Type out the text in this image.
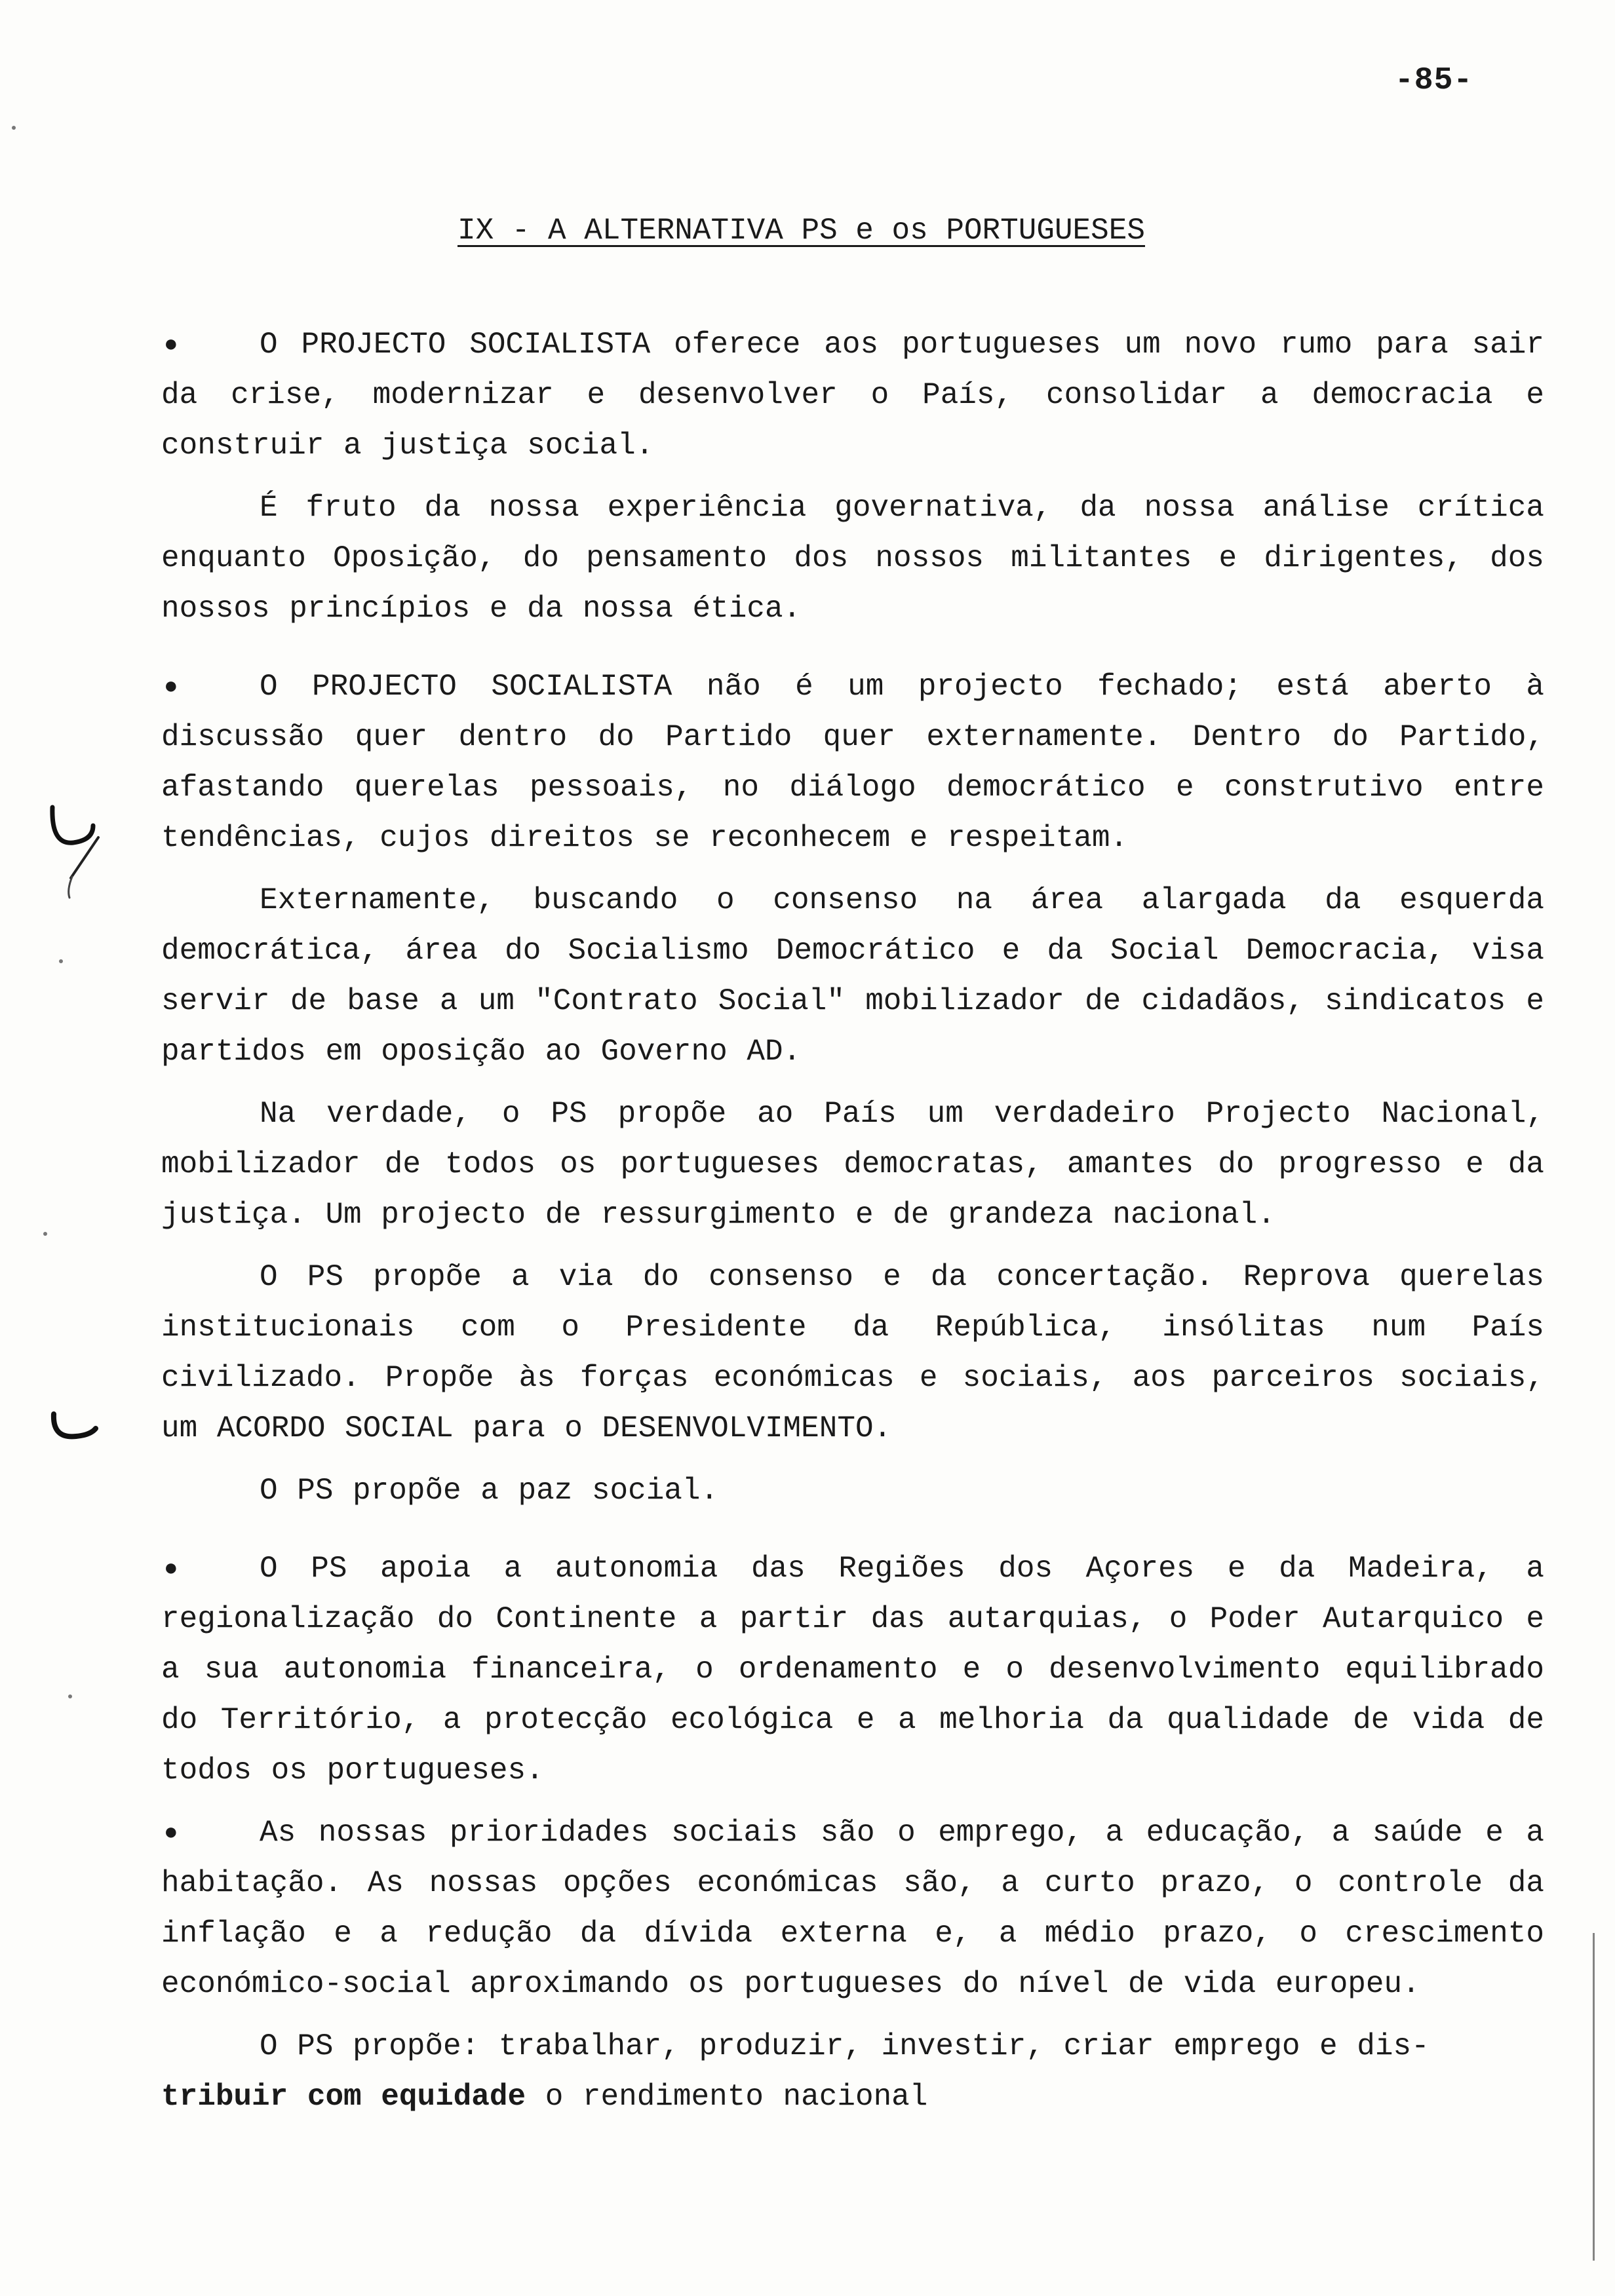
-85-
IX - A ALTERNATIVA PS e os PORTUGUESES

● O PROJECTO SOCIALISTA oferece aos portugueses um novo rumo para sair da crise, modernizar e desenvolver o País, consolidar a democracia e construir a justiça social.

É fruto da nossa experiência governativa, da nossa análise crítica enquanto Oposição, do pensamento dos nossos militantes e dirigentes, dos nossos princípios e da nossa ética.

● O PROJECTO SOCIALISTA não é um projecto fechado; está aberto à discussão quer dentro do Partido quer externamente. Dentro do Partido, afastando querelas pessoais, no diálogo democrático e construtivo entre tendências, cujos direitos se reconhecem e respeitam.

Externamente, buscando o consenso na área alargada da esquerda democrática, área do Socialismo Democrático e da Social Democracia, visa servir de base a um "Contrato Social" mobilizador de cidadãos, sindicatos e partidos em oposição ao Governo AD.

Na verdade, o PS propõe ao País um verdadeiro Projecto Nacional, mobilizador de todos os portugueses democratas, amantes do progresso e da justiça. Um projecto de ressurgimento e de grandeza nacional.

O PS propõe a via do consenso e da concertação. Reprova querelas institucionais com o Presidente da República, insólitas num País civilizado. Propõe às forças económicas e sociais, aos parceiros sociais, um ACORDO SOCIAL para o DESENVOLVIMENTO.

O PS propõe a paz social.

● O PS apoia a autonomia das Regiões dos Açores e da Madeira, a regionalização do Continente a partir das autarquias, o Poder Autarquico e a sua autonomia financeira, o ordenamento e o desenvolvimento equilibrado do Território, a protecção ecológica e a melhoria da qualidade de vida de todos os portugueses.

● As nossas prioridades sociais são o emprego, a educação, a saúde e a habitação. As nossas opções económicas são, a curto prazo, o controle da inflação e a redução da dívida externa e, a médio prazo, o crescimento económico-social aproximando os portugueses do nível de vida europeu.

O PS propõe: trabalhar, produzir, investir, criar emprego e dis-
tribuir com equidade o rendimento nacional
